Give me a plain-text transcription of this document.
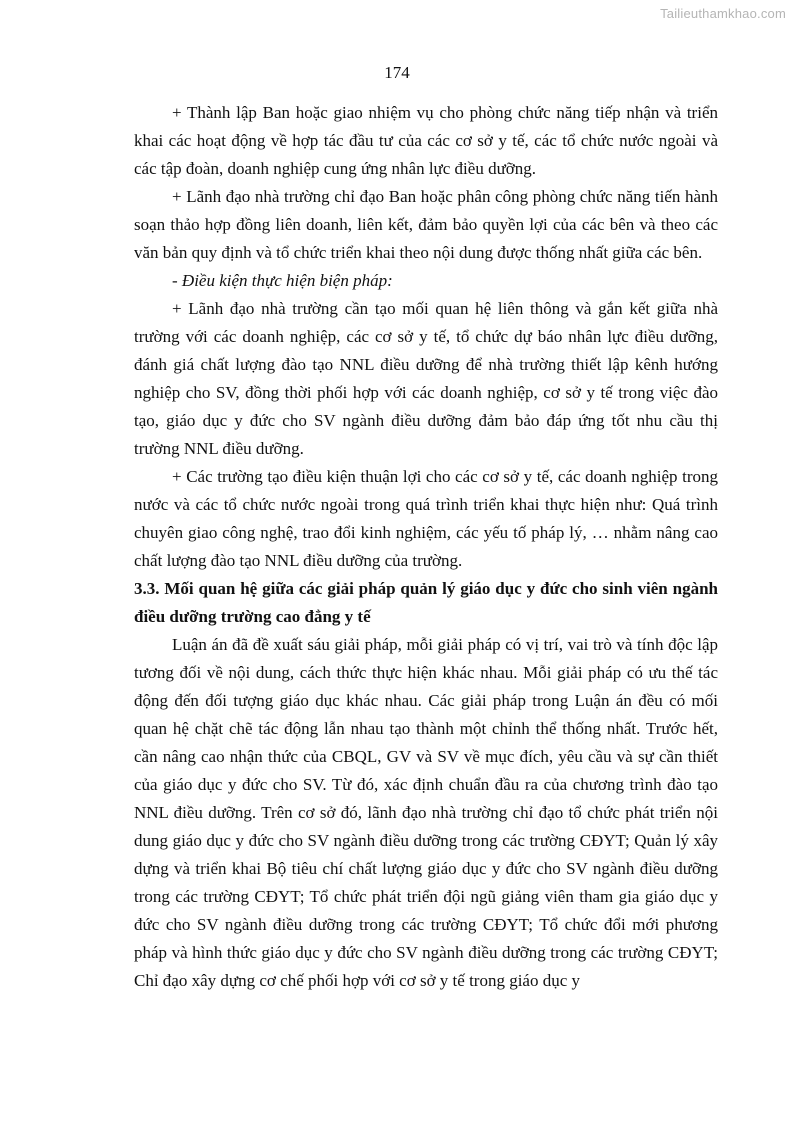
Tailieuthamkhao.com
174

+ Thành lập Ban hoặc giao nhiệm vụ cho phòng chức năng tiếp nhận và triển khai các hoạt động về hợp tác đầu tư của các cơ sở y tế, các tổ chức nước ngoài và các tập đoàn, doanh nghiệp cung ứng nhân lực điều dưỡng.

+ Lãnh đạo nhà trường chỉ đạo Ban hoặc phân công phòng chức năng tiến hành soạn thảo hợp đồng liên doanh, liên kết, đảm bảo quyền lợi của các bên và theo các văn bản quy định và tổ chức triển khai theo nội dung được thống nhất giữa các bên.

- Điều kiện thực hiện biện pháp:

+ Lãnh đạo nhà trường cần tạo mối quan hệ liên thông và gắn kết giữa nhà trường với các doanh nghiệp, các cơ sở y tế, tổ chức dự báo nhân lực điều dưỡng, đánh giá chất lượng đào tạo NNL điều dưỡng để nhà trường thiết lập kênh hướng nghiệp cho SV, đồng thời phối hợp với các doanh nghiệp, cơ sở y tế trong việc đào tạo, giáo dục y đức cho SV ngành điều dưỡng đảm bảo đáp ứng tốt nhu cầu thị trường NNL điều dưỡng.

+ Các trường tạo điều kiện thuận lợi cho các cơ sở y tế, các doanh nghiệp trong nước và các tổ chức nước ngoài trong quá trình triển khai thực hiện như: Quá trình chuyên giao công nghệ, trao đổi kinh nghiệm, các yếu tố pháp lý, … nhằm nâng cao chất lượng đào tạo NNL điều dưỡng của trường.

3.3. Mối quan hệ giữa các giải pháp quản lý giáo dục y đức cho sinh viên ngành điều dưỡng trường cao đẳng y tế

Luận án đã đề xuất sáu giải pháp, mỗi giải pháp có vị trí, vai trò và tính độc lập tương đối về nội dung, cách thức thực hiện khác nhau. Mỗi giải pháp có ưu thế tác động đến đối tượng giáo dục khác nhau. Các giải pháp trong Luận án đều có mối quan hệ chặt chẽ tác động lẫn nhau tạo thành một chỉnh thể thống nhất. Trước hết, cần nâng cao nhận thức của CBQL, GV và SV về mục đích, yêu cầu và sự cần thiết của giáo dục y đức cho SV. Từ đó, xác định chuẩn đầu ra của chương trình đào tạo NNL điều dưỡng. Trên cơ sở đó, lãnh đạo nhà trường chỉ đạo tổ chức phát triển nội dung giáo dục y đức cho SV ngành điều dưỡng trong các trường CĐYT; Quản lý xây dựng và triển khai Bộ tiêu chí chất lượng giáo dục y đức cho SV ngành điều dưỡng trong các trường CĐYT; Tổ chức phát triển đội ngũ giảng viên tham gia giáo dục y đức cho SV ngành điều dưỡng trong các trường CĐYT; Tổ chức đổi mới phương pháp và hình thức giáo dục y đức cho SV ngành điều dưỡng trong các trường CĐYT; Chỉ đạo xây dựng cơ chế phối hợp với cơ sở y tế trong giáo dục y
